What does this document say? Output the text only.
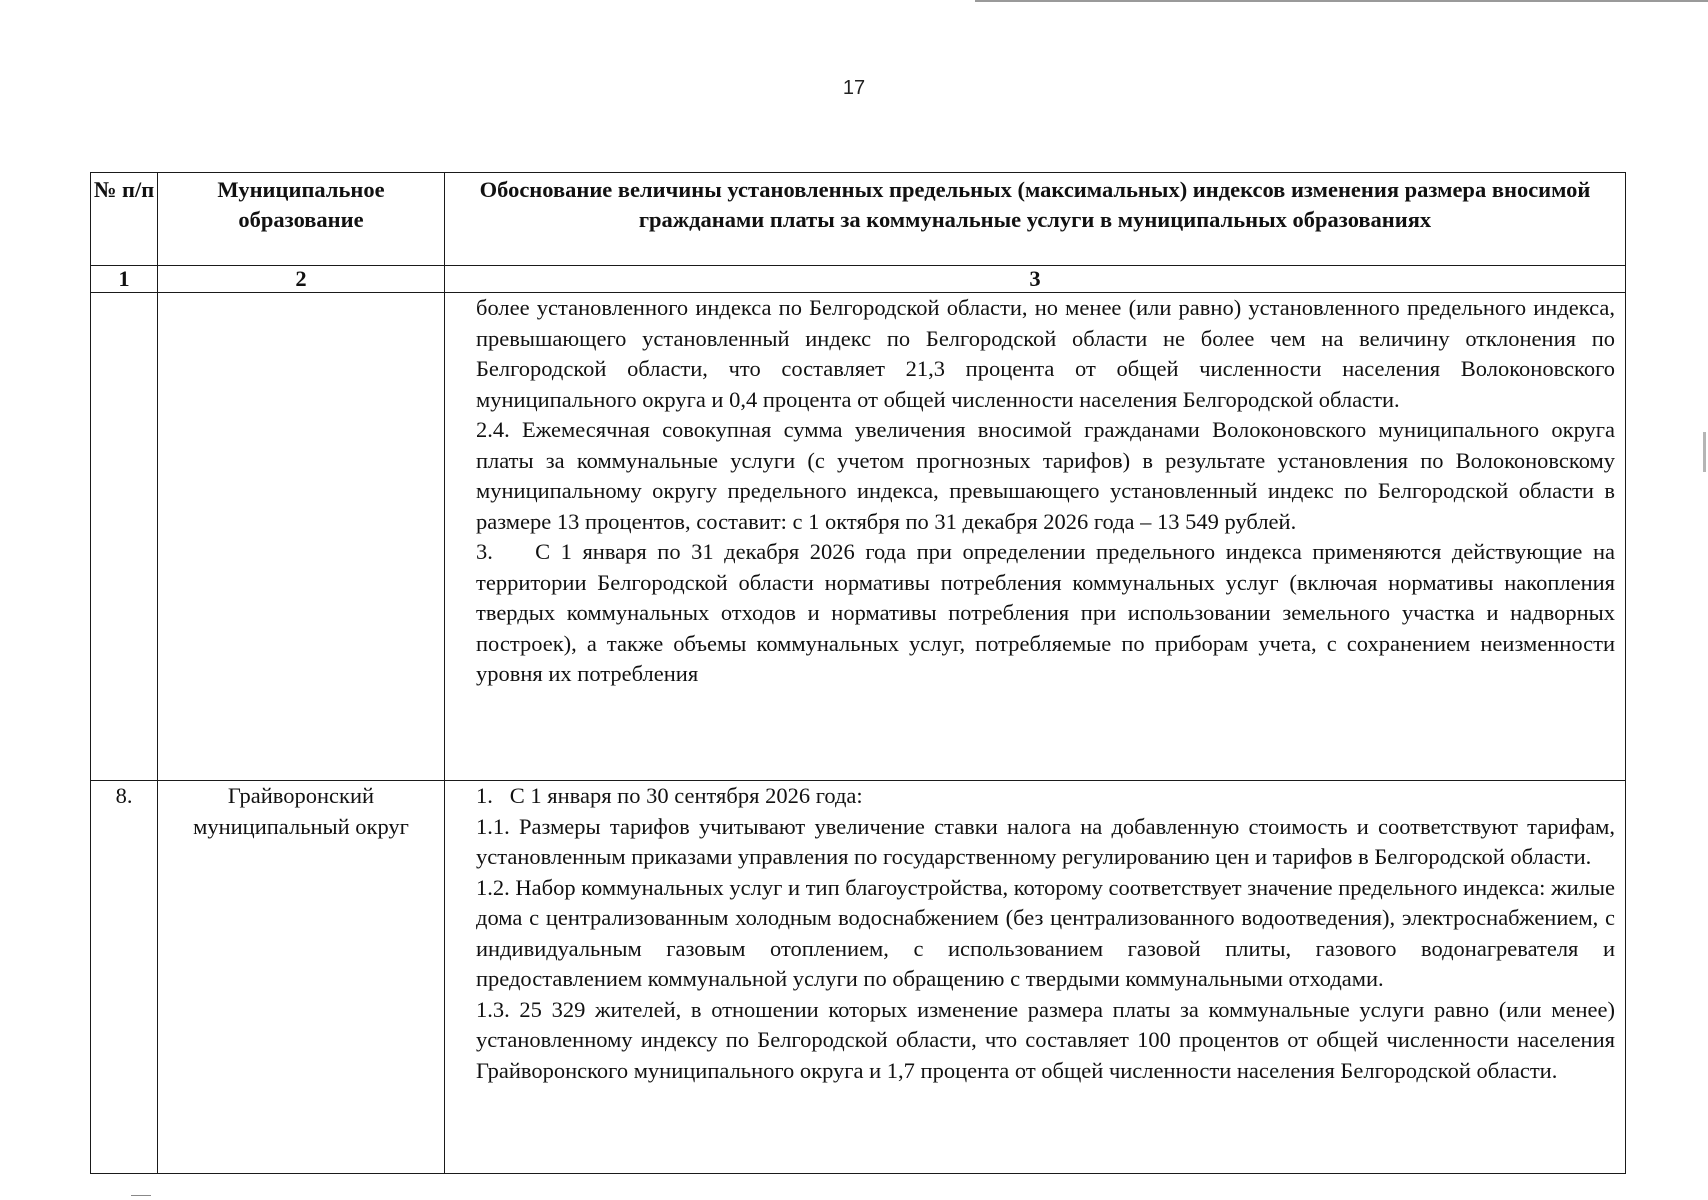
17
№ п/п	Муниципальное образование	Обоснование величины установленных предельных (максимальных) индексов изменения размера вносимой гражданами платы за коммунальные услуги в муниципальных образованиях
1	2	3

		более установленного индекса по Белгородской области, но менее (или равно) установленного предельного индекса, превышающего установленный индекс по Белгородской области не более чем на величину отклонения по Белгородской области, что составляет 21,3 процента от общей численности населения Волоконовского муниципального округа и 0,4 процента от общей численности населения Белгородской области.

2.4. Ежемесячная совокупная сумма увеличения вносимой гражданами Волоконовского муниципального округа платы за коммунальные услуги (с учетом прогнозных тарифов) в результате установления по Волоконовскому муниципальному округу предельного индекса, превышающего установленный индекс по Белгородской области в размере 13 процентов, составит: с 1 октября по 31 декабря 2026 года – 13 549 рублей.

3.    С 1 января по 31 декабря 2026 года при определении предельного индекса применяются действующие на территории Белгородской области нормативы потребления коммунальных услуг (включая нормативы накопления твердых коммунальных отходов и нормативы потребления при использовании земельного участка и надворных построек), а также объемы коммунальных услуг, потребляемые по приборам учета, с сохранением неизменности уровня их потребления

8.	Грайворонский муниципальный округ	1.   С 1 января по 30 сентября 2026 года:

1.1. Размеры тарифов учитывают увеличение ставки налога на добавленную стоимость и соответствуют тарифам, установленным приказами управления по государственному регулированию цен и тарифов в Белгородской области.

1.2. Набор коммунальных услуг и тип благоустройства, которому соответствует значение предельного индекса: жилые дома с централизованным холодным водоснабжением (без централизованного водоотведения), электроснабжением, с индивидуальным газовым отоплением, с использованием газовой плиты, газового водонагревателя и предоставлением коммунальной услуги по обращению с твердыми коммунальными отходами.

1.3. 25 329 жителей, в отношении которых изменение размера платы за коммунальные услуги равно (или менее) установленному индексу по Белгородской области, что составляет 100 процентов от общей численности населения Грайворонского муниципального округа и 1,7 процента от общей численности населения Белгородской области.
